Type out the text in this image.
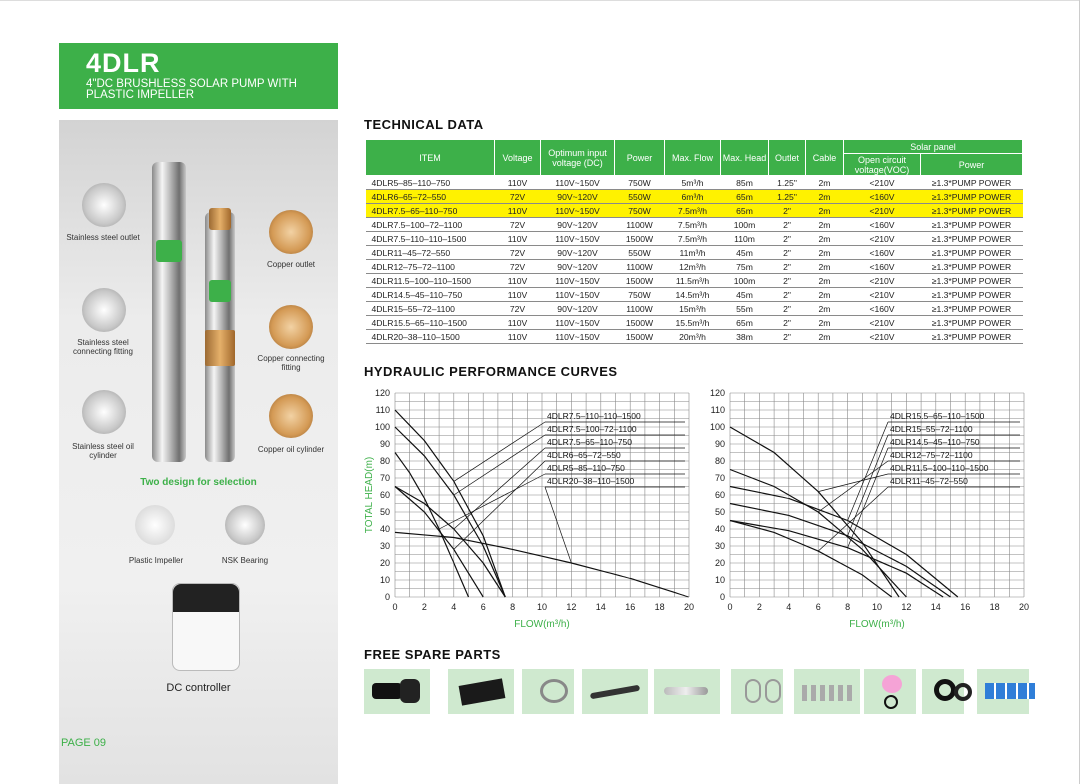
4DLR
4"DC BRUSHLESS SOLAR PUMP WITH PLASTIC IMPELLER
Stainless steel outlet
Stainless steel connecting fitting
Stainless steel oil cylinder
Copper outlet
Copper connecting fitting
Copper oil cylinder
Two design for selection
Plastic Impeller	NSK Bearing
DC controller
PAGE 09
TECHNICAL DATA
ITEM	Voltage	Optimum input voltage (DC)	Power	Max. Flow	Max. Head	Outlet	Cable	Solar panel	
								Open circuit voltage(VOC)	Power
4DLR5–85–110–750	110V	110V~150V	750W	5m³/h	85m	1.25"	2m	<210V	≥1.3*PUMP POWER
4DLR6–65–72–550	72V	90V~120V	550W	6m³/h	65m	1.25"	2m	<160V	≥1.3*PUMP POWER
4DLR7.5–65–110–750	110V	110V~150V	750W	7.5m³/h	65m	2"	2m	<210V	≥1.3*PUMP POWER
4DLR7.5–100–72–1100	72V	90V~120V	1100W	7.5m³/h	100m	2"	2m	<160V	≥1.3*PUMP POWER
4DLR7.5–110–110–1500	110V	110V~150V	1500W	7.5m³/h	110m	2"	2m	<210V	≥1.3*PUMP POWER
4DLR11–45–72–550	72V	90V~120V	550W	11m³/h	45m	2"	2m	<160V	≥1.3*PUMP POWER
4DLR12–75–72–1100	72V	90V~120V	1100W	12m³/h	75m	2"	2m	<160V	≥1.3*PUMP POWER
4DLR11.5–100–110–1500	110V	110V~150V	1500W	11.5m³/h	100m	2"	2m	<210V	≥1.3*PUMP POWER
4DLR14.5–45–110–750	110V	110V~150V	750W	14.5m³/h	45m	2"	2m	<210V	≥1.3*PUMP POWER
4DLR15–55–72–1100	72V	90V~120V	1100W	15m³/h	55m	2"	2m	<160V	≥1.3*PUMP POWER
4DLR15.5–65–110–1500	110V	110V~150V	1500W	15.5m³/h	65m	2"	2m	<210V	≥1.3*PUMP POWER
4DLR20–38–110–1500	110V	110V~150V	1500W	20m³/h	38m	2"	2m	<210V	≥1.3*PUMP POWER
HYDRAULIC PERFORMANCE CURVES
0	2	4	6	8 10 12 14 16 18 20
0
10
20
30
40
50
60
70
80
90
100
110
120
FLOW(m³/h)
TOTAL HEAD(m)
4DLR7.5–110–110–1500
4DLR7.5–100–72–1100
4DLR7.5–65–110–750
4DLR6–65–72–550
4DLR5–85–110–750
4DLR20–38–110–1500
0	2	4	6	8 10 12 14 16 18 20
0
10
20
30
40
50
60
70
80
90
100
110
120
FLOW(m³/h)
4DLR15.5–65–110–1500
4DLR15–55–72–1100
4DLR14.5–45–110–750
4DLR12–75–72–1100
4DLR11.5–100–110–1500
4DLR11–45–72–550
FREE SPARE PARTS
